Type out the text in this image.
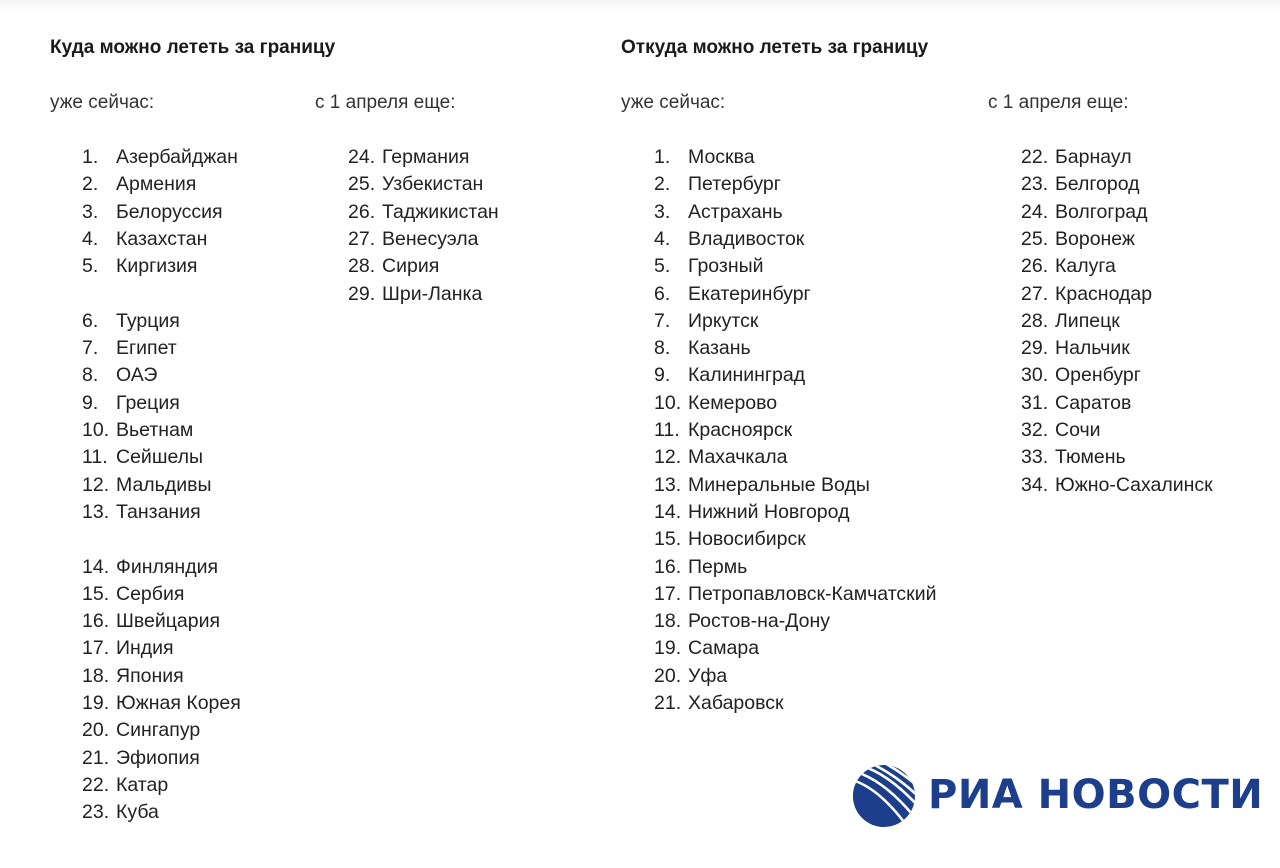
Куда можно лететь за границу
уже сейчас:	с 1 апреля еще:
1. Азербайджан
2. Армения
3. Белоруссия
4. Казахстан
5. Киргизия
6. Турция
7. Египет
8. ОАЭ
9. Греция
10. Вьетнам
11. Сейшелы
12. Мальдивы
13. Танзания
14. Финляндия
15. Сербия
16. Швейцария
17. Индия
18. Япония
19. Южная Корея
20. Сингапур
21. Эфиопия
22. Катар
23. Куба
24. Германия
25. Узбекистан
26. Таджикистан
27. Венесуэла
28. Сирия
29. Шри-Ланка
Откуда можно лететь за границу
уже сейчас:	с 1 апреля еще:
1. Москва
2. Петербург
3. Астрахань
4. Владивосток
5. Грозный
6. Екатеринбург
7. Иркутск
8. Казань
9. Калининград
10. Кемерово
11. Красноярск
12. Махачкала
13. Минеральные Воды
14. Нижний Новгород
15. Новосибирск
16. Пермь
17. Петропавловск-Камчатский
18. Ростов-на-Дону
19. Самара
20. Уфа
21. Хабаровск
22. Барнаул
23. Белгород
24. Волгоград
25. Воронеж
26. Калуга
27. Краснодар
28. Липецк
29. Нальчик
30. Оренбург
31. Саратов
32. Сочи
33. Тюмень
34. Южно-Сахалинск
РИА НОВОСТИ
